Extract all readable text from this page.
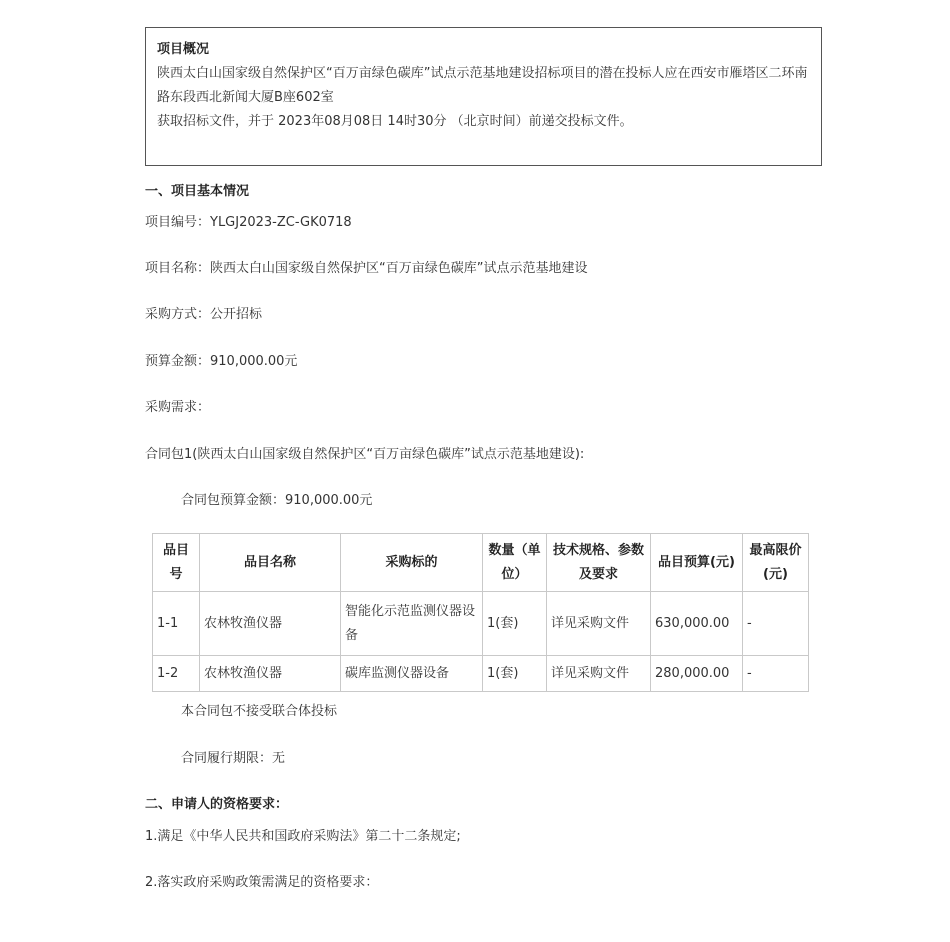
项目概况

陕西太白山国家级自然保护区“百万亩绿色碳库”试点示范基地建设招标项目的潜在投标人应在西安市雁塔区二环南路东段西北新闻大厦B座602室

获取招标文件，并于 2023年08月08日 14时30分 （北京时间）前递交投标文件。

一、项目基本情况
项目编号：YLGJ2023-ZC-GK0718
项目名称：陕西太白山国家级自然保护区“百万亩绿色碳库”试点示范基地建设
采购方式：公开招标
预算金额：910,000.00元
采购需求：
合同包1(陕西太白山国家级自然保护区“百万亩绿色碳库”试点示范基地建设):
合同包预算金额：910,000.00元
品目号	品目名称	采购标的	数量（单位）	技术规格、参数及要求	品目预算(元)	最高限价(元)
1-1	农林牧渔仪器	智能化示范监测仪器设备	1(套)	详见采购文件	630,000.00	-
1-2	农林牧渔仪器	碳库监测仪器设备	1(套)	详见采购文件	280,000.00	-
本合同包不接受联合体投标
合同履行期限：无
二、申请人的资格要求：
1.满足《中华人民共和国政府采购法》第二十二条规定;
2.落实政府采购政策需满足的资格要求：
